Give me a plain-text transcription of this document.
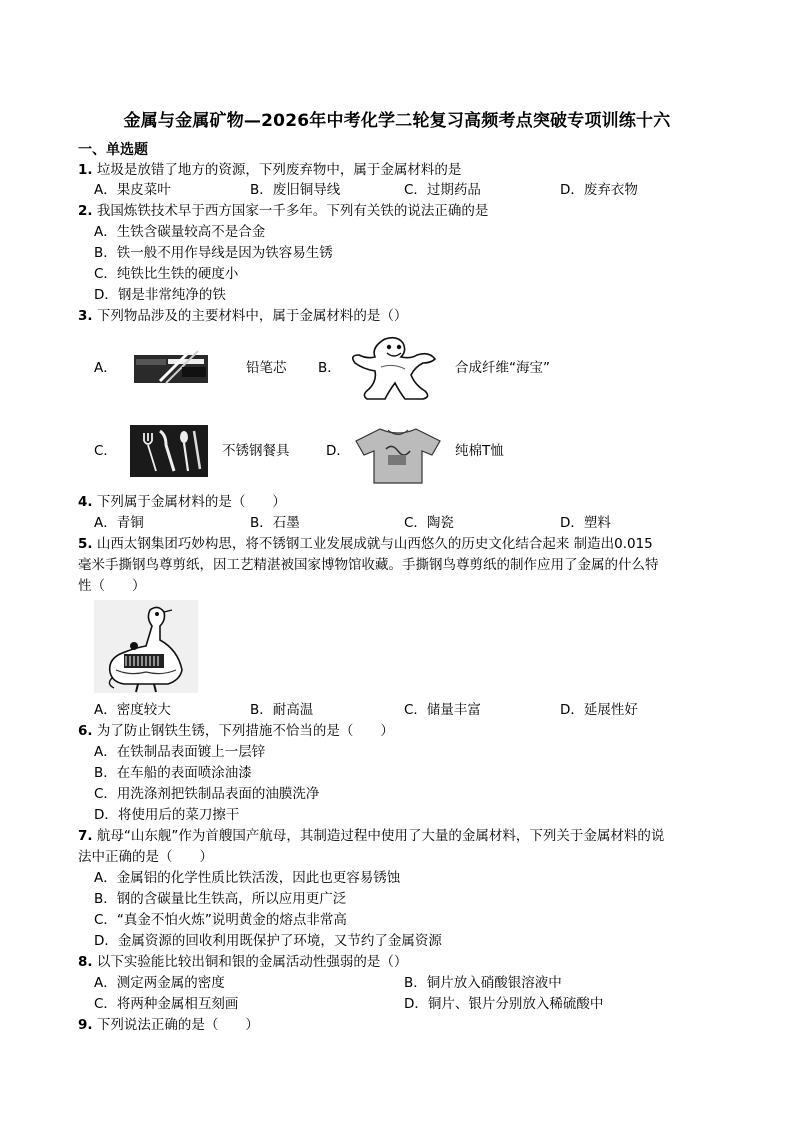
金属与金属矿物—2026年中考化学二轮复习高频考点突破专项训练十六
一、单选题
1. 垃圾是放错了地方的资源，下列废弃物中，属于金属材料的是
A．果皮菜叶	B．废旧铜导线	C．过期药品	D．废弃衣物
2. 我国炼铁技术早于西方国家一千多年。下列有关铁的说法正确的是
A．生铁含碳量较高不是合金
B．铁一般不用作导线是因为铁容易生锈
C．纯铁比生铁的硬度小
D．钢是非常纯净的铁
3. 下列物品涉及的主要材料中，属于金属材料的是（）
A．	铅笔芯 B．	合成纤维“海宝”
C．	不锈钢餐具	D．	纯棉T恤
4. 下列属于金属材料的是（　　）
A．青铜	B．石墨	C．陶瓷	D．塑料
5. 山西太钢集团巧妙构思，将不锈钢工业发展成就与山西悠久的历史文化结合起来 制造出0.015
毫米手撕钢鸟尊剪纸，因工艺精湛被国家博物馆收藏。手撕钢鸟尊剪纸的制作应用了金属的什么特
性（　　）
A．密度较大	B．耐高温	C．储量丰富	D．延展性好
6. 为了防止钢铁生锈，下列措施不恰当的是（　　）
A．在铁制品表面镀上一层锌
B．在车船的表面喷涂油漆
C．用洗涤剂把铁制品表面的油膜洗净
D．将使用后的菜刀擦干
7. 航母“山东舰”作为首艘国产航母，其制造过程中使用了大量的金属材料，下列关于金属材料的说
法中正确的是（　　）
A．金属铝的化学性质比铁活泼，因此也更容易锈蚀
B．钢的含碳量比生铁高，所以应用更广泛
C．“真金不怕火炼”说明黄金的熔点非常高
D．金属资源的回收利用既保护了环境，又节约了金属资源
8. 以下实验能比较出铜和银的金属活动性强弱的是（）
A．测定两金属的密度	B．铜片放入硝酸银溶液中
C．将两种金属相互刻画	D．铜片、银片分别放入稀硫酸中
9. 下列说法正确的是（　　）
